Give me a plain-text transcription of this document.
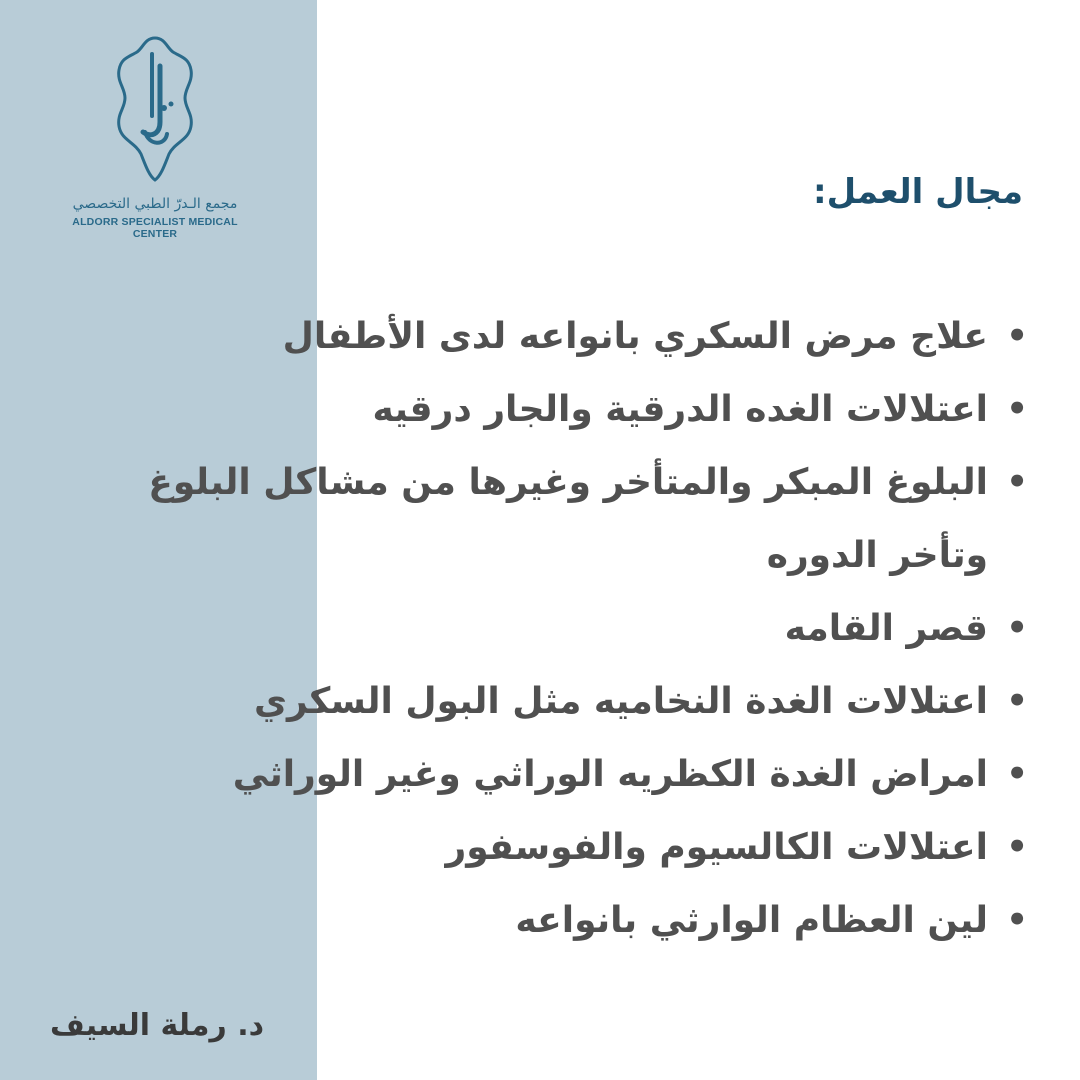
مجمع الـدرّ الطبي التخصصي
ALDORR SPECIALIST MEDICAL CENTER
مجال العمل:
• علاج مرض السكري بانواعه لدى الأطفال
• اعتلالات الغده الدرقية والجار درقيه
• البلوغ المبكر والمتأخر وغيرها من مشاكل البلوغ وتأخر الدوره
• قصر القامه
• اعتلالات الغدة النخاميه مثل البول السكري
• امراض الغدة الكظريه الوراثي وغير الوراثي
• اعتلالات الكالسيوم والفوسفور
• لين العظام الوارثي بانواعه
د. رملة السيف
